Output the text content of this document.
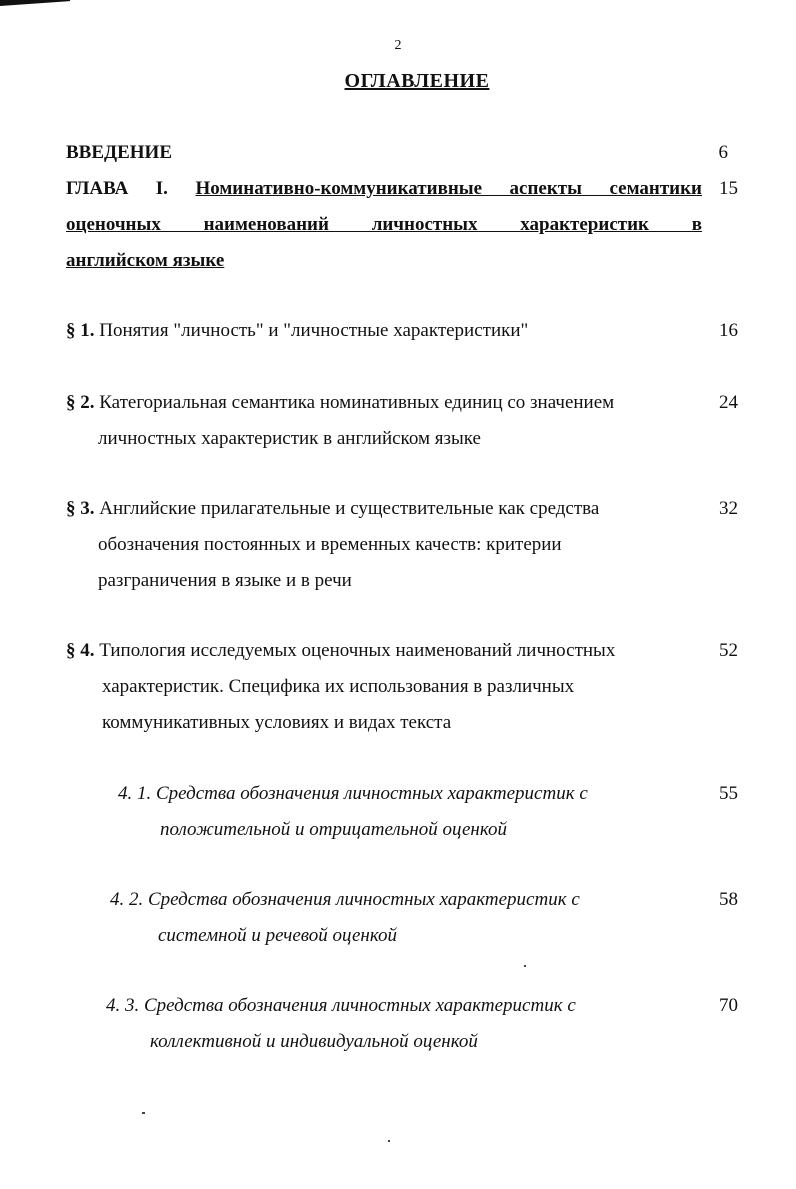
2
ОГЛАВЛЕНИЕ
ВВЕДЕНИЕ	6
ГЛАВА I. Номинативно-коммуникативные аспекты семантики
оценочных наименований личностных характеристик в
английском языке
15
§ 1. Понятия "личность" и "личностные характеристики"	16
§ 2. Категориальная семантика номинативных единиц со значением
личностных характеристик в английском языке
24
§ 3. Английские прилагательные и существительные как средства
обозначения постоянных и временных качеств: критерии
разграничения в языке и в речи
32
§ 4. Типология исследуемых оценочных наименований личностных
характеристик. Специфика их использования в различных
коммуникативных условиях и видах текста
52
4. 1. Средства обозначения личностных характеристик с
положительной и отрицательной оценкой
55
4. 2. Средства обозначения личностных характеристик с
системной и речевой оценкой
58
4. 3. Средства обозначения личностных характеристик с
коллективной и индивидуальной оценкой
70
